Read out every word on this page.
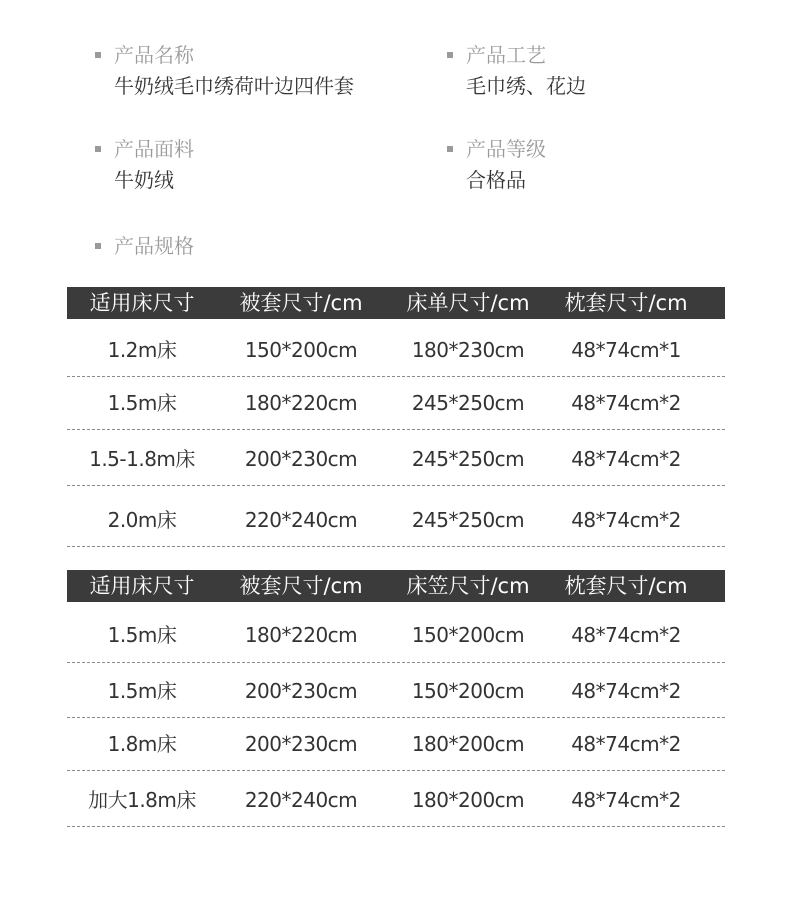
产品名称
牛奶绒毛巾绣荷叶边四件套
产品工艺
毛巾绣、花边
产品面料
牛奶绒
产品等级
合格品
产品规格
适用床尺寸	被套尺寸/cm	床单尺寸/cm	枕套尺寸/cm
1.2m床	150*200cm	180*230cm	48*74cm*1
1.5m床	180*220cm	245*250cm	48*74cm*2
1.5-1.8m床	200*230cm	245*250cm	48*74cm*2
2.0m床	220*240cm	245*250cm	48*74cm*2
适用床尺寸	被套尺寸/cm	床笠尺寸/cm	枕套尺寸/cm
1.5m床	180*220cm	150*200cm	48*74cm*2
1.5m床	200*230cm	150*200cm	48*74cm*2
1.8m床	200*230cm	180*200cm	48*74cm*2
加大1.8m床	220*240cm	180*200cm	48*74cm*2
